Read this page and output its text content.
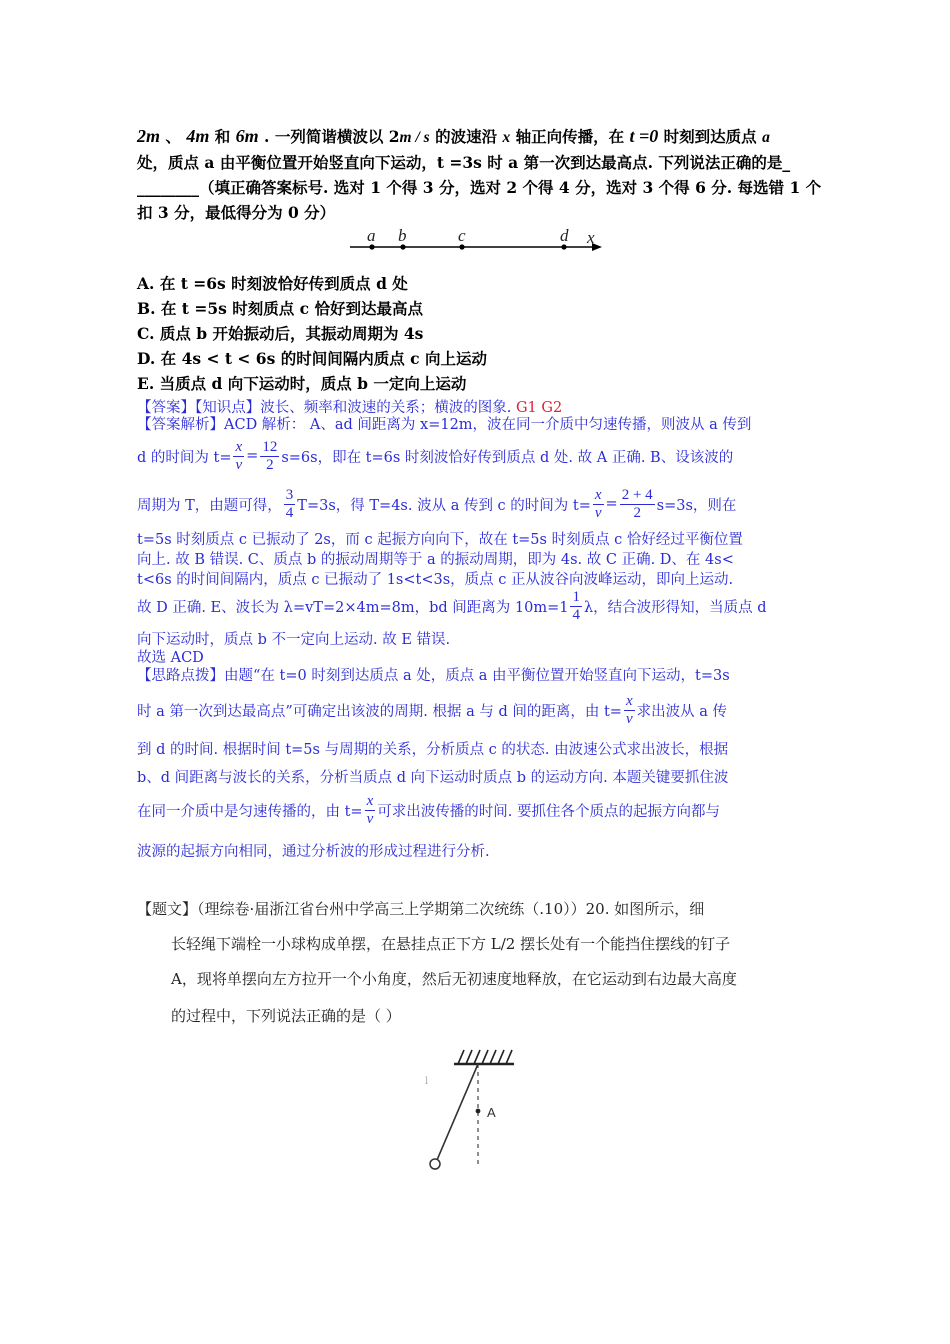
2m 、 4m 和 6m . 一列简谐横波以 2m / s 的波速沿 x 轴正向传播，在 t =0 时刻到达质点 a
处，质点 a 由平衡位置开始竖直向下运动，t =3s 时 a 第一次到达最高点. 下列说法正确的是_
________（填正确答案标号. 选对 1 个得 3 分，选对 2 个得 4 分，选对 3 个得 6 分. 每选错 1 个
扣 3 分，最低得分为 0 分）
a b	c	d x
A. 在 t =6s 时刻波恰好传到质点 d 处
B. 在 t =5s 时刻质点 c 恰好到达最高点
C. 质点 b 开始振动后，其振动周期为 4s
D. 在 4s < t < 6s 的时间间隔内质点 c 向上运动
E. 当质点 d 向下运动时，质点 b 一定向上运动
【答案】【知识点】波长、频率和波速的关系；横波的图象. G1 G2
【答案解析】ACD 解析： A、ad 间距离为 x=12m，波在同一介质中匀速传播，则波从 a 传到
d 的时间为 $t= \frac{x}{v} = \frac{12}{2} s=6s$，即在 t=6s 时刻波恰好传到质点 d 处. 故 A 正确. B、设该波的
周期为 T，由题可得， $\frac{3}{4} T=3s$，得 T=4s. 波从 a 传到 c 的时间为 $t= \frac{x}{v} = \frac{2 + 4}{2} s=3s$，则在
t=5s 时刻质点 c 已振动了 2s，而 c 起振方向向下，故在 t=5s 时刻质点 c 恰好经过平衡位置
向上. 故 B 错误. C、质点 b 的振动周期等于 a 的振动周期，即为 4s. 故 C 正确. D、在 4s<
t<6s 的时间间隔内，质点 c 已振动了 1s<t<3s，质点 c 正从波谷向波峰运动，即向上运动.
故 D 正确. E、波长为 λ=vT=2×4m=8m，bd 间距离为 $10m=1 \frac{1}{4}$ λ，结合波形得知，当质点 d
向下运动时，质点 b 不一定向上运动. 故 E 错误.
故选 ACD
【思路点拨】由题“在 t=0 时刻到达质点 a 处，质点 a 由平衡位置开始竖直向下运动，t=3s
时 a 第一次到达最高点”可确定出该波的周期. 根据 a 与 d 间的距离，由 $t= \frac{x}{v}$ 求出波从 a 传
到 d 的时间. 根据时间 t=5s 与周期的关系，分析质点 c 的状态. 由波速公式求出波长，根据
b、d 间距离与波长的关系，分析当质点 d 向下运动时质点 b 的运动方向. 本题关键要抓住波
在同一介质中是匀速传播的，由 $t= \frac{x}{v}$ 可求出波传播的时间. 要抓住各个质点的起振方向都与
波源的起振方向相同，通过分析波的形成过程进行分析.
【题文】（理综卷·届浙江省台州中学高三上学期第二次统练（.10））20. 如图所示，细
长轻绳下端栓一小球构成单摆，在悬挂点正下方 L/2 摆长处有一个能挡住摆线的钉子
A，现将单摆向左方拉开一个小角度，然后无初速度地释放，在它运动到右边最大高度
的过程中，下列说法正确的是（ ）
A
l
